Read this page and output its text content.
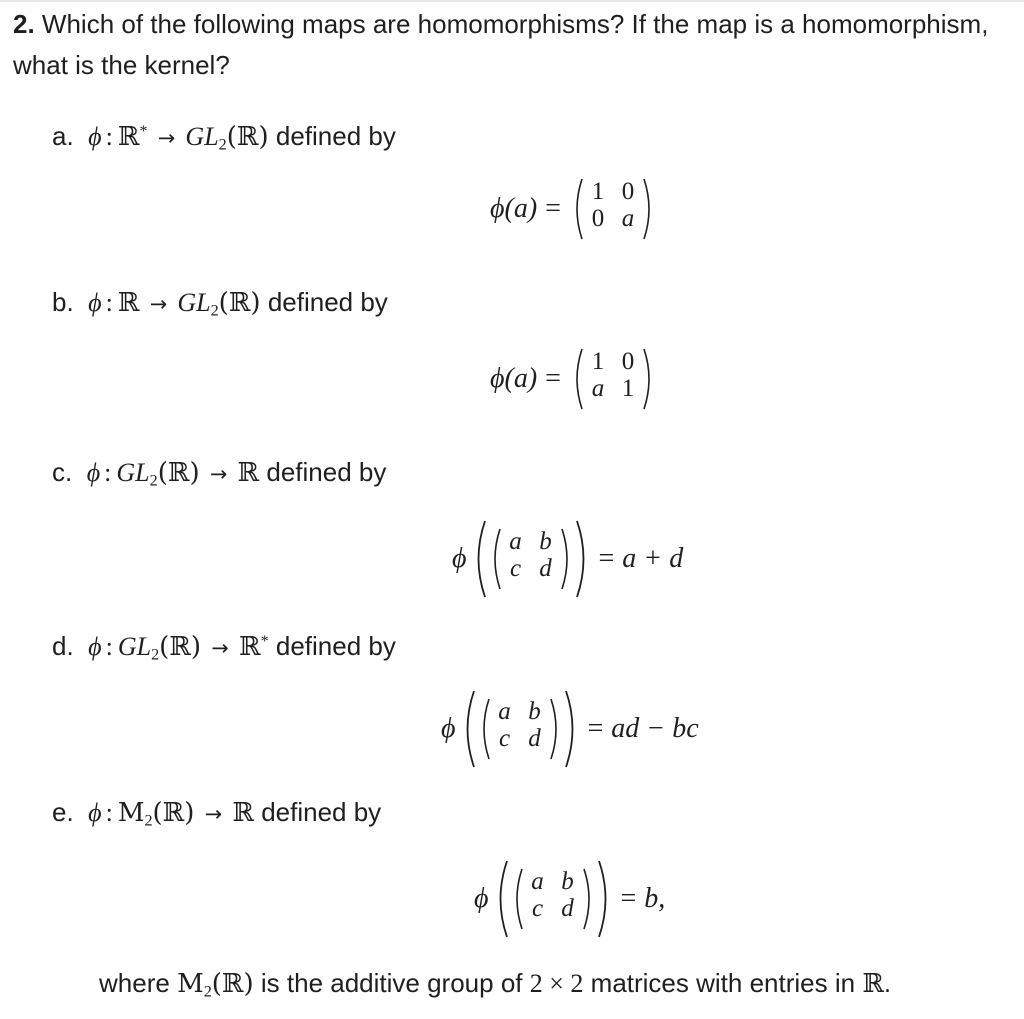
2. Which of the following maps are homomorphisms? If the map is a homomorphism, what is the kernel?
a. ϕ : ℝ* → $GL_2(ℝ)$ defined by
ϕ(a) =
1 0
0 a
b. ϕ : ℝ → $GL_2(ℝ)$ defined by
ϕ(a) =
1 0
a 1
c. ϕ : $GL_2(ℝ)$ → ℝ defined by
ϕ
a b
c d = a + d
d. ϕ : $GL_2(ℝ)$ → ℝ* defined by
ϕ
a b
c d = ad − bc
e. ϕ : $M_2(ℝ)$ → ℝ defined by
ϕ
a b
c d = b,
where $M_2(ℝ)$ is the additive group of 2 × 2 matrices with entries in ℝ.
